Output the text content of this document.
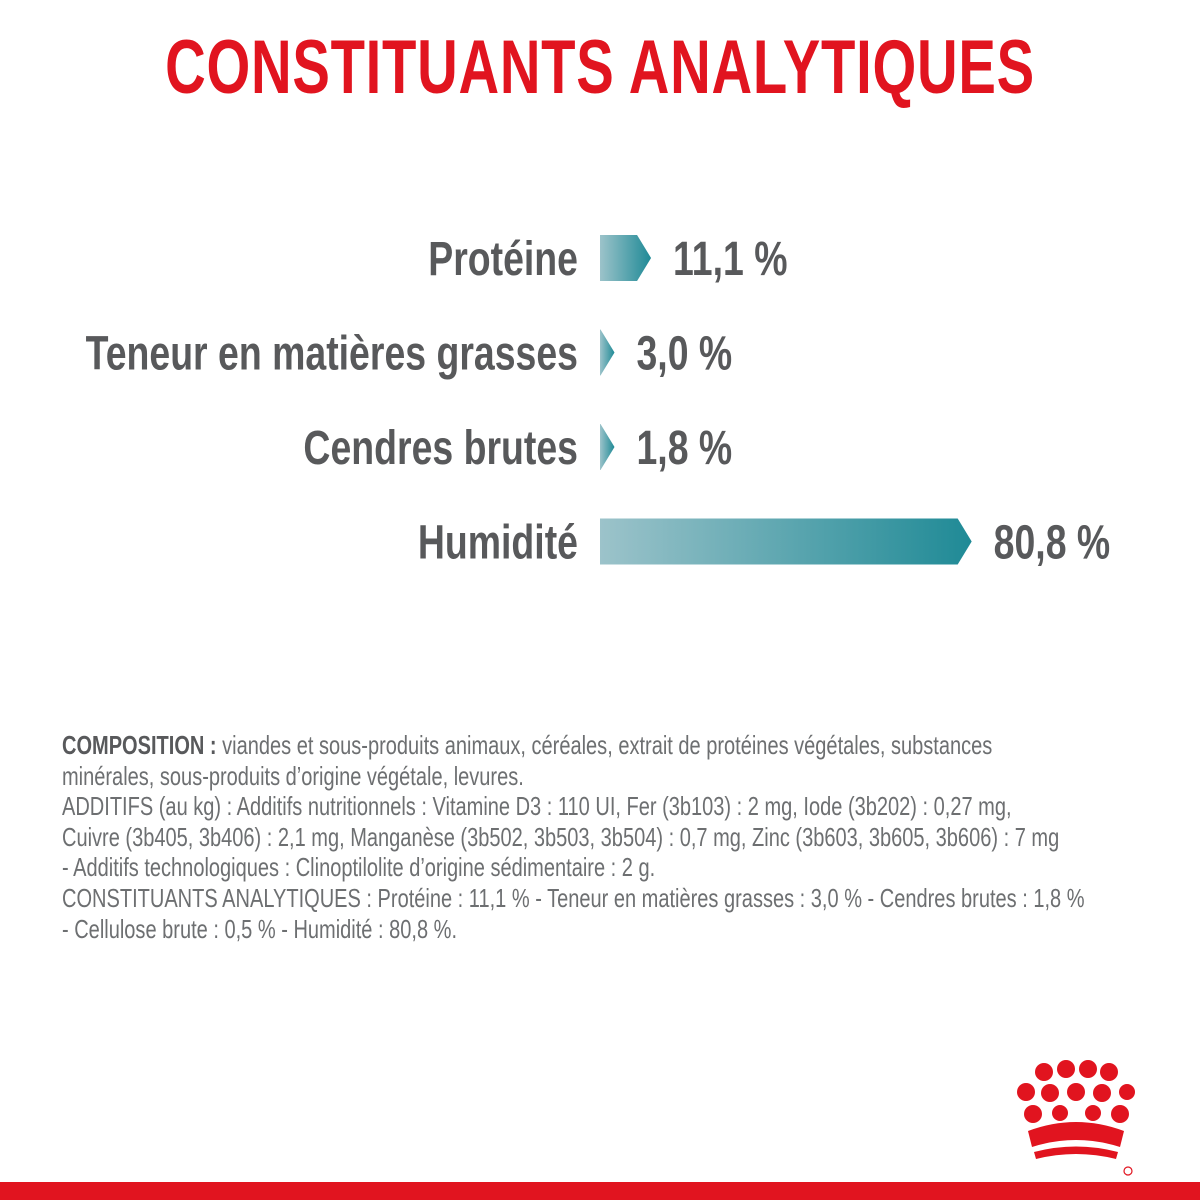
CONSTITUANTS ANALYTIQUES
Protéine 11,1 %
Teneur en matières grasses 3,0 %
Cendres brutes 1,8 %
Humidité	80,8 %

COMPOSITION : viandes et sous-produits animaux, céréales, extrait de protéines végétales, substances

minérales, sous-produits d’origine végétale, levures.

ADDITIFS (au kg) : Additifs nutritionnels : Vitamine D3 : 110 UI, Fer (3b103) : 2 mg, Iode (3b202) : 0,27 mg,

Cuivre (3b405, 3b406) : 2,1 mg, Manganèse (3b502, 3b503, 3b504) : 0,7 mg, Zinc (3b603, 3b605, 3b606) : 7 mg

- Additifs technologiques : Clinoptilolite d’origine sédimentaire : 2 g.

CONSTITUANTS ANALYTIQUES : Protéine : 11,1 % - Teneur en matières grasses : 3,0 % - Cendres brutes : 1,8 %

- Cellulose brute : 0,5 % - Humidité : 80,8 %.
